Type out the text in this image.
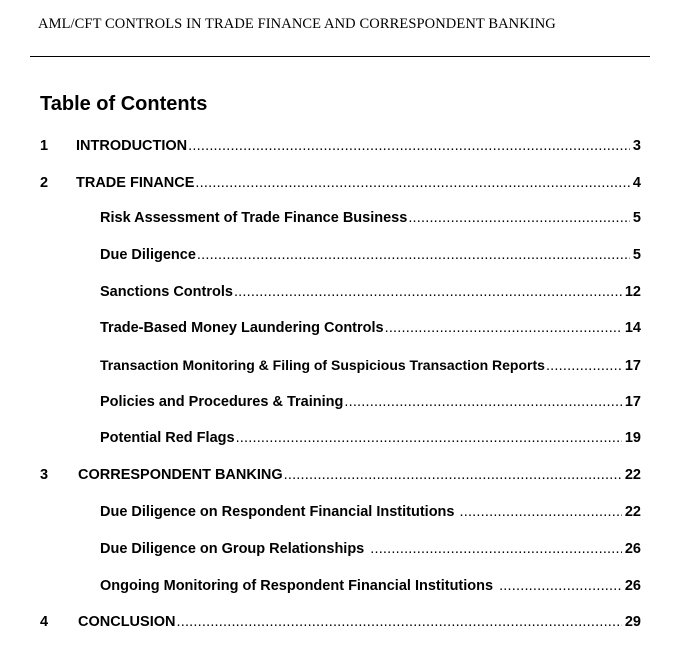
AML/CFT CONTROLS IN TRADE FINANCE AND CORRESPONDENT BANKING
Table of Contents
1 INTRODUCTION .....	3
2 TRADE FINANCE .....	4
Risk Assessment of Trade Finance Business .....	5
Due Diligence .....	5
Sanctions Controls .....	12
Trade-Based Money Laundering Controls .....	14
Transaction Monitoring & Filing of Suspicious Transaction Reports .....	17
Policies and Procedures & Training .....	17
Potential Red Flags .....	19
3 CORRESPONDENT BANKING .....	22
Due Diligence on Respondent Financial Institutions .....	22
Due Diligence on Group Relationships .....	26
Ongoing Monitoring of Respondent Financial Institutions .....	26
4 CONCLUSION .....	29
